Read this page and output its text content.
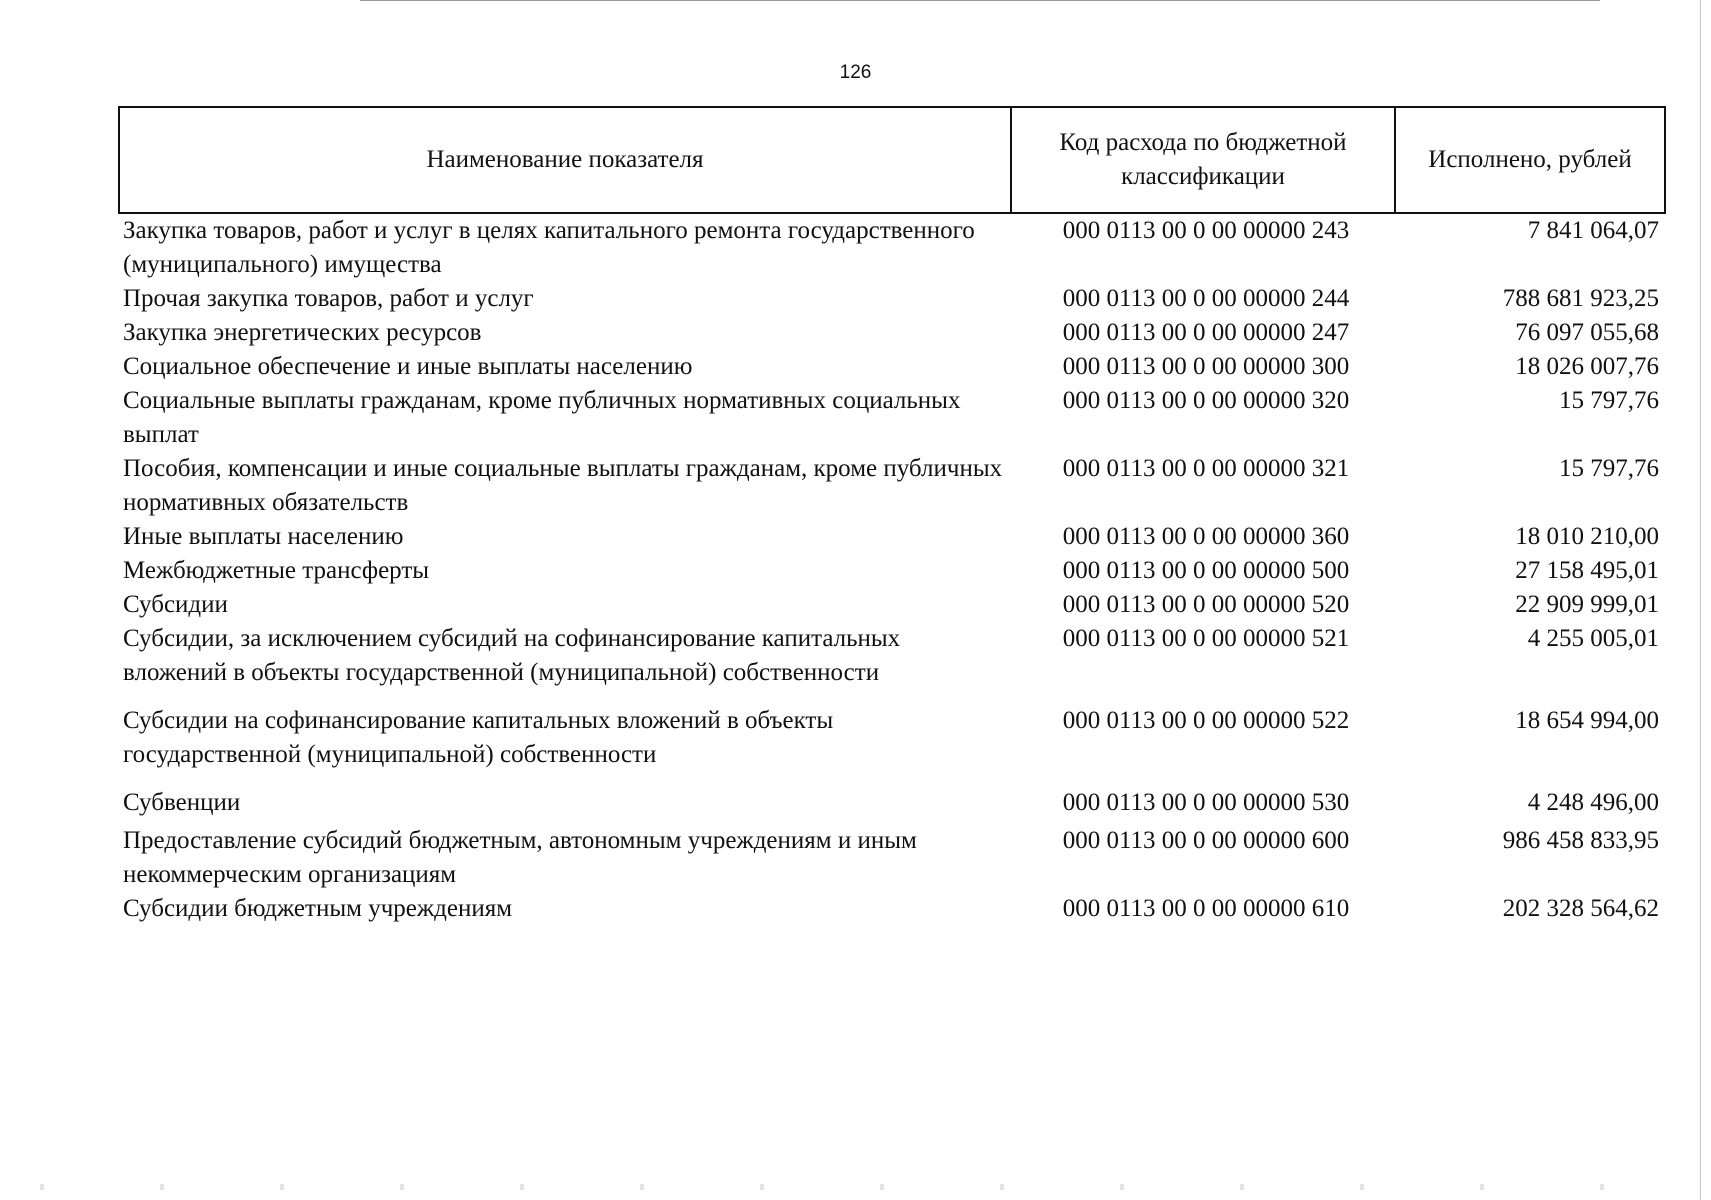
126
Наименование показателя	Код расхода по бюджетной классификации	Исполнено, рублей
Закупка товаров, работ и услуг в целях капитального ремонта государственного (муниципального) имущества	000 0113 00 0 00 00000 243	7 841 064,07
Прочая закупка товаров, работ и услуг	000 0113 00 0 00 00000 244	788 681 923,25
Закупка энергетических ресурсов	000 0113 00 0 00 00000 247	76 097 055,68
Социальное обеспечение и иные выплаты населению	000 0113 00 0 00 00000 300	18 026 007,76
Социальные выплаты гражданам, кроме публичных нормативных социальных выплат	000 0113 00 0 00 00000 320	15 797,76
Пособия, компенсации и иные социальные выплаты гражданам, кроме публичных нормативных обязательств	000 0113 00 0 00 00000 321	15 797,76
Иные выплаты населению	000 0113 00 0 00 00000 360	18 010 210,00
Межбюджетные трансферты	000 0113 00 0 00 00000 500	27 158 495,01
Субсидии	000 0113 00 0 00 00000 520	22 909 999,01
Субсидии, за исключением субсидий на софинансирование капитальных вложений в объекты государственной (муниципальной) собственности	000 0113 00 0 00 00000 521	4 255 005,01
Субсидии на софинансирование капитальных вложений в объекты государственной (муниципальной) собственности	000 0113 00 0 00 00000 522	18 654 994,00
Субвенции	000 0113 00 0 00 00000 530	4 248 496,00
Предоставление субсидий бюджетным, автономным учреждениям и иным некоммерческим организациям	000 0113 00 0 00 00000 600	986 458 833,95
Субсидии бюджетным учреждениям	000 0113 00 0 00 00000 610	202 328 564,62
